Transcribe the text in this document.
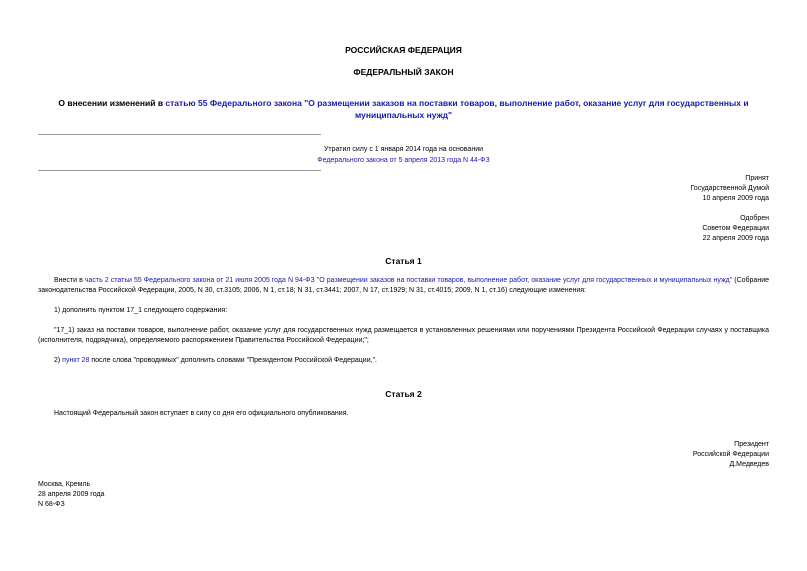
РОССИЙСКАЯ ФЕДЕРАЦИЯ
ФЕДЕРАЛЬНЫЙ ЗАКОН
О внесении изменений в статью 55 Федерального закона "О размещении заказов на поставки товаров, выполнение работ, оказание услуг для государственных и муниципальных нужд"
Утратил силу с 1 января 2014 года на основании
Федерального закона от 5 апреля 2013 года N 44-ФЗ
Принят
Государственной Думой
10 апреля 2009 года
Одобрен
Советом Федерации
22 апреля 2009 года
Статья 1
Внести в часть 2 статьи 55 Федерального закона от 21 июля 2005 года N 94-ФЗ "О размещении заказов на поставки товаров, выполнение работ, оказание услуг для государственных и муниципальных нужд" (Собрание законодательства Российской Федерации, 2005, N 30, ст.3105; 2006, N 1, ст.18; N 31, ст.3441; 2007, N 17, ст.1929; N 31, ст.4015; 2009, N 1, ст.16) следующие изменения:
1) дополнить пунктом 17_1 следующего содержания:
"17_1) заказ на поставки товаров, выполнение работ, оказание услуг для государственных нужд размещается в установленных решениями или поручениями Президента Российской Федерации случаях у поставщика (исполнителя, подрядчика), определяемого распоряжением Правительства Российской Федерации;";
2) пункт 28 после слова "проводимых" дополнить словами "Президентом Российской Федерации,".
Статья 2
Настоящий Федеральный закон вступает в силу со дня его официального опубликования.
Президент
Российской Федерации
Д.Медведев
Москва, Кремль
28 апреля 2009 года
N 68-ФЗ
